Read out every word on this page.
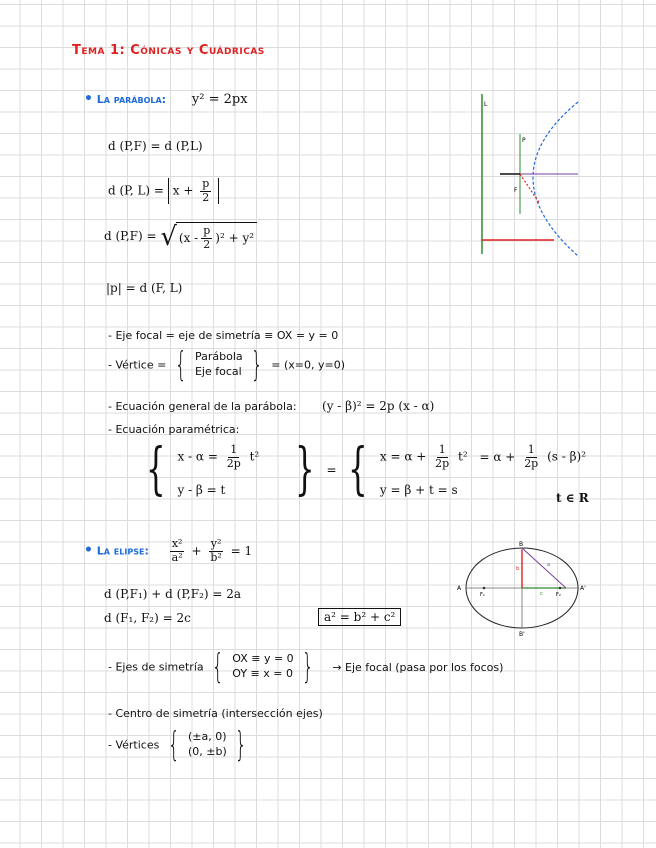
Tema 1: Cónicas y Cuádricas
• La parábola: y² = 2px
d (P,F) = d (P,L)
d (P, $L) = x + \frac{p}{2}$
d (P,F) = √ $(x - \frac{p}{2} )^2 + y^2$
|p| = d (F, L)
- Eje focal = eje de simetría ≡ OX = y = 0
- Vértice = { Parábola
Eje focal } = (x=0, y=0)
- Ecuación general de la parábola: (y - β)² = 2p (x - α)
- Ecuación paramétrica:
{ $x - \alpha = \frac{1}{2p} t^2$
y - β = t	} = { $x = \alpha + \frac{1}{2p} t^2 = \alpha + \frac{1}{2p} (s - \beta)^2$
y = β + t = s
t ∈ R
P
F
L
• La elipse: $\frac{\text{x²}}{\text{a²}} + \frac{\text{y²}}{\text{b²}} = 1$
d (P,F₁) + d (P,F₂) = 2a
d (F₁, F₂) = 2c	a² = b² + c²
- Ejes de simetría { OX ≡ y = 0
OY ≡ x = 0 } → Eje focal (pasa por los focos)
- Centro de simetría (intersección ejes)
- Vértices { (±a, 0)
(0, ±b) }
B
B'
A	A'
a
b
c
F₁	F₂
